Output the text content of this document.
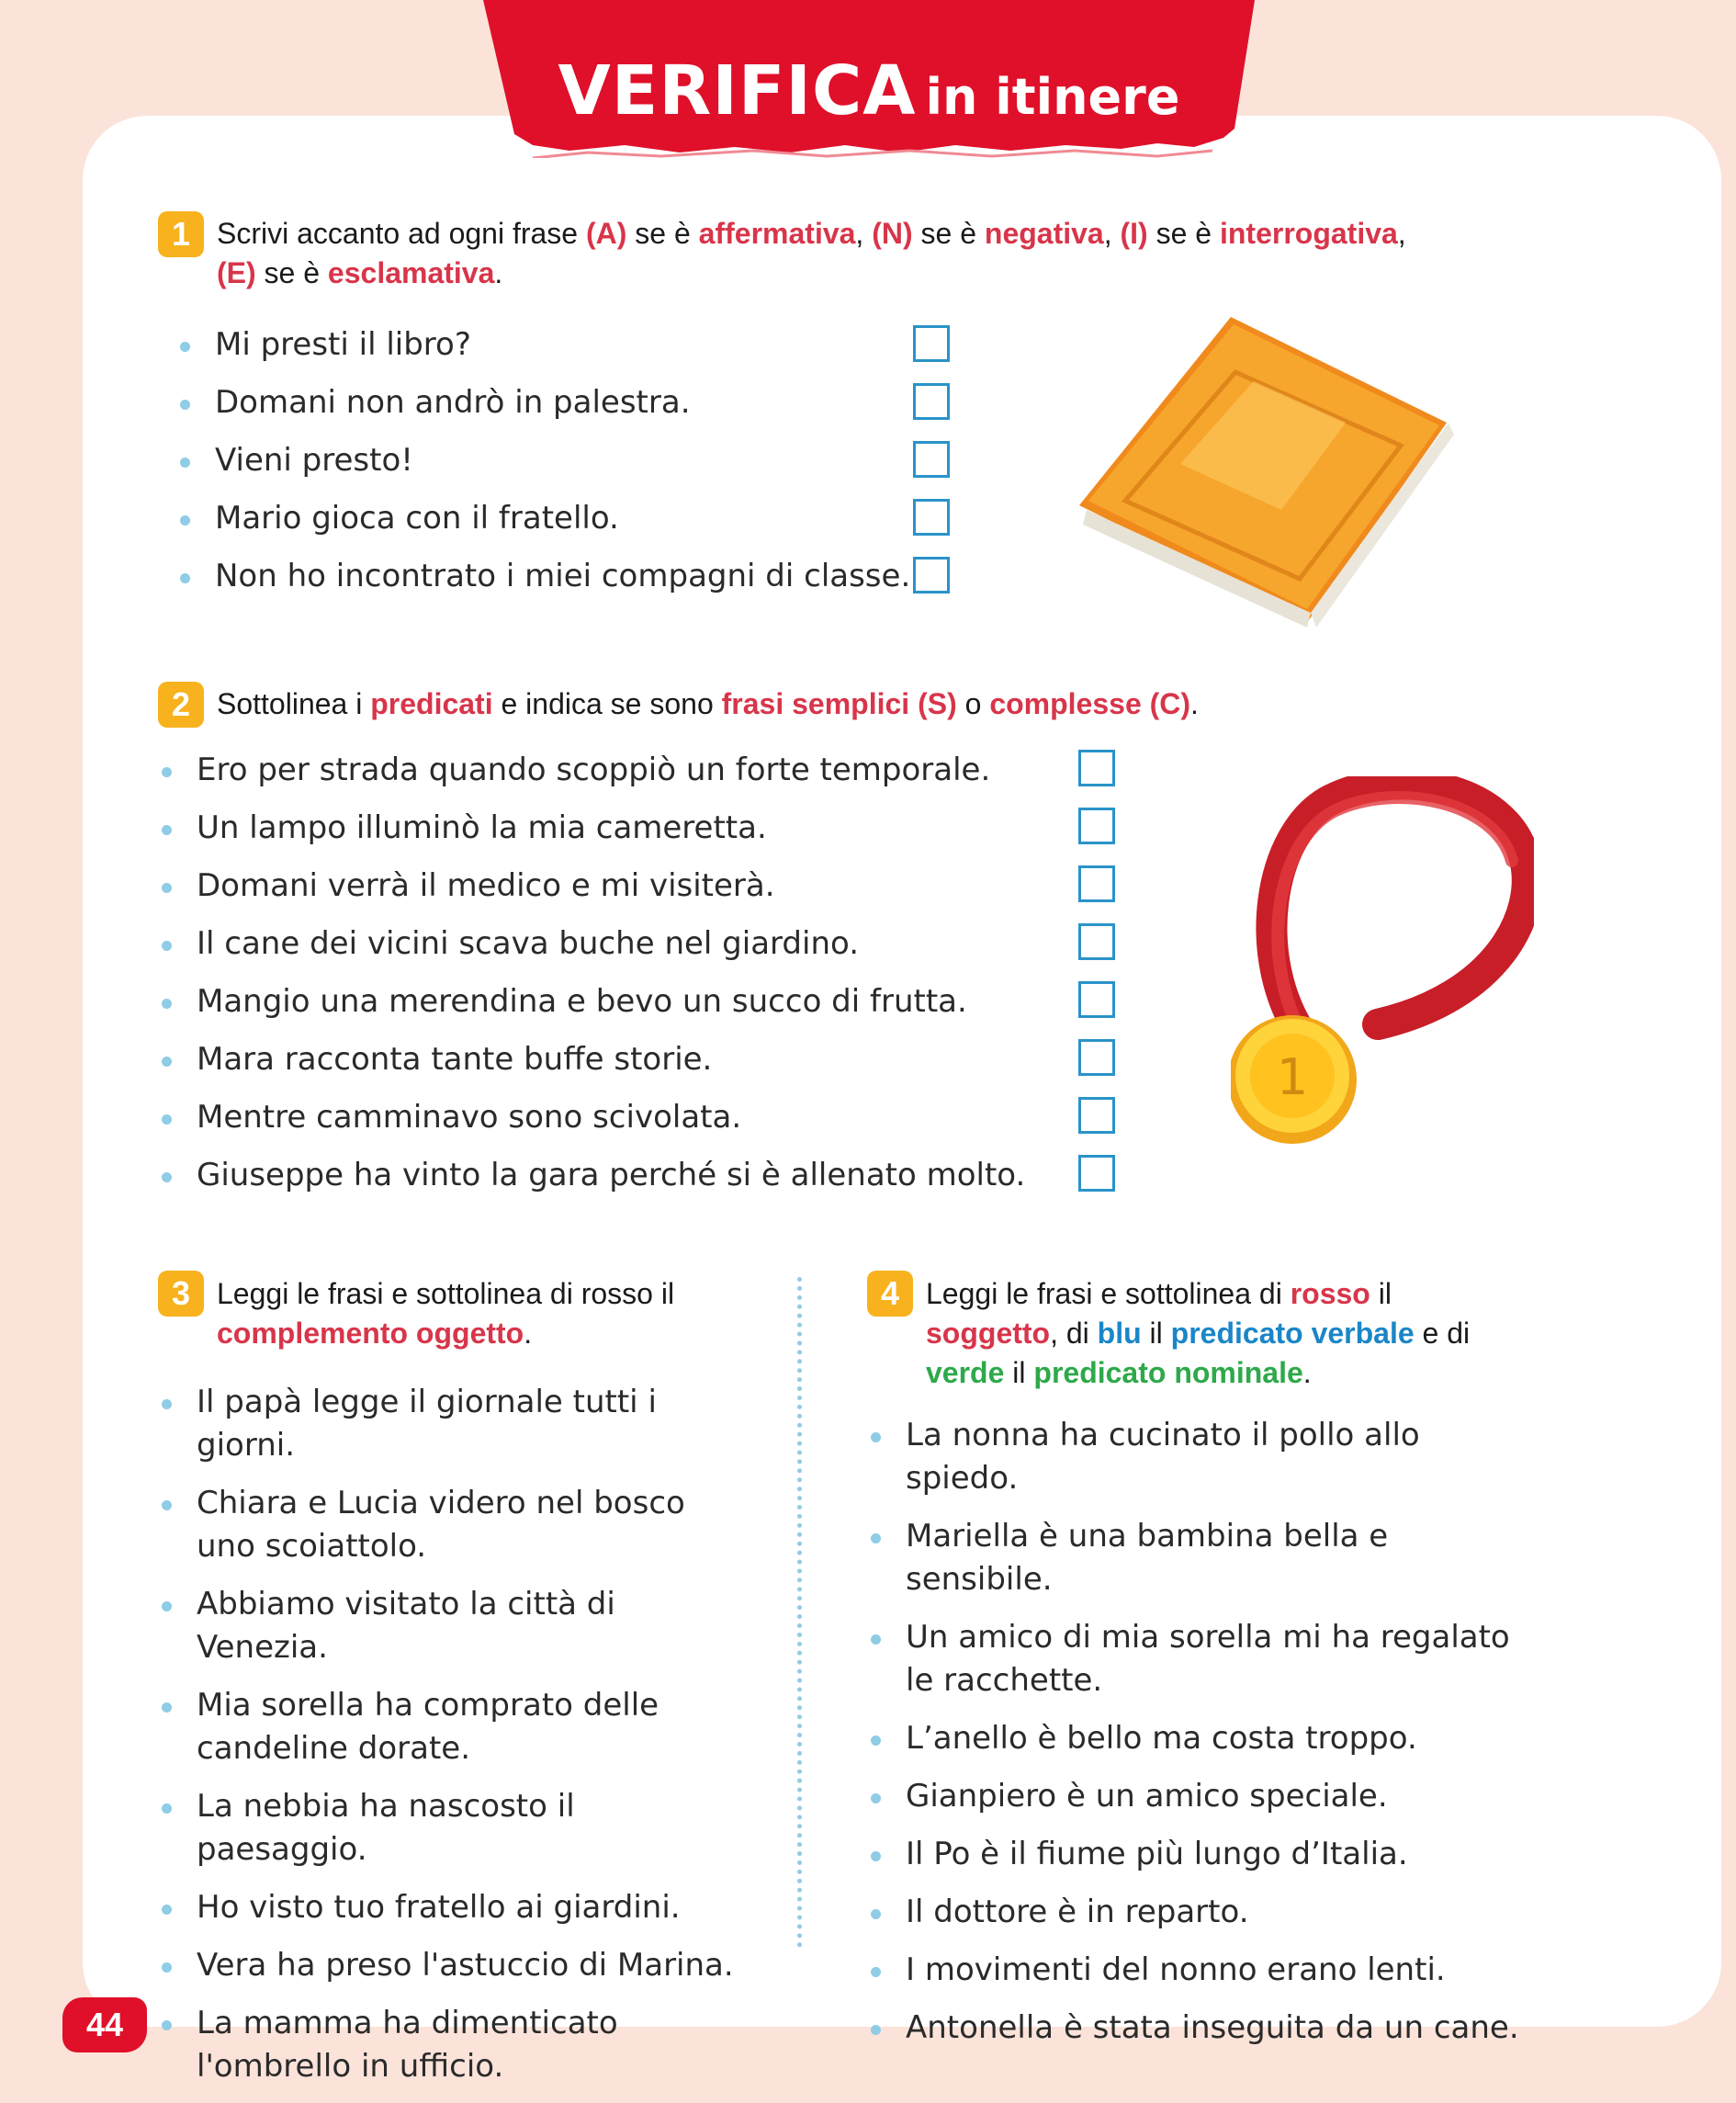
VERIFICA in itinere
1 Scrivi accanto ad ogni frase (A) se è affermativa, (N) se è negativa, (I) se è interrogativa,
(E) se è esclamativa.
Mi presti il libro?
Domani non andrò in palestra.
Vieni presto!
Mario gioca con il fratello.
Non ho incontrato i miei compagni di classe.
2 Sottolinea i predicati e indica se sono frasi semplici (S) o complesse (C).
Ero per strada quando scoppiò un forte temporale.
Un lampo illuminò la mia cameretta.
Domani verrà il medico e mi visiterà.
Il cane dei vicini scava buche nel giardino.
Mangio una merendina e bevo un succo di frutta.
Mara racconta tante buffe storie.
Mentre camminavo sono scivolata.
Giuseppe ha vinto la gara perché si è allenato molto.
1
3 Leggi le frasi e sottolinea di rosso il
complemento oggetto.
Il papà legge il giornale tutti i giorni.
Chiara e Lucia videro nel bosco uno scoiattolo.
Abbiamo visitato la città di Venezia.
Mia sorella ha comprato delle candeline dorate.
La nebbia ha nascosto il paesaggio.
Ho visto tuo fratello ai giardini.
Vera ha preso l'astuccio di Marina.
La mamma ha dimenticato l'ombrello in ufficio.
4 Leggi le frasi e sottolinea di rosso il
soggetto, di blu il predicato verbale e di
verde il predicato nominale.
La nonna ha cucinato il pollo allo spiedo.
Mariella è una bambina bella e sensibile.
Un amico di mia sorella mi ha regalato le racchette.
L’anello è bello ma costa troppo.
Gianpiero è un amico speciale.
Il Po è il fiume più lungo d’Italia.
Il dottore è in reparto.
I movimenti del nonno erano lenti.
Antonella è stata inseguita da un cane.
44
